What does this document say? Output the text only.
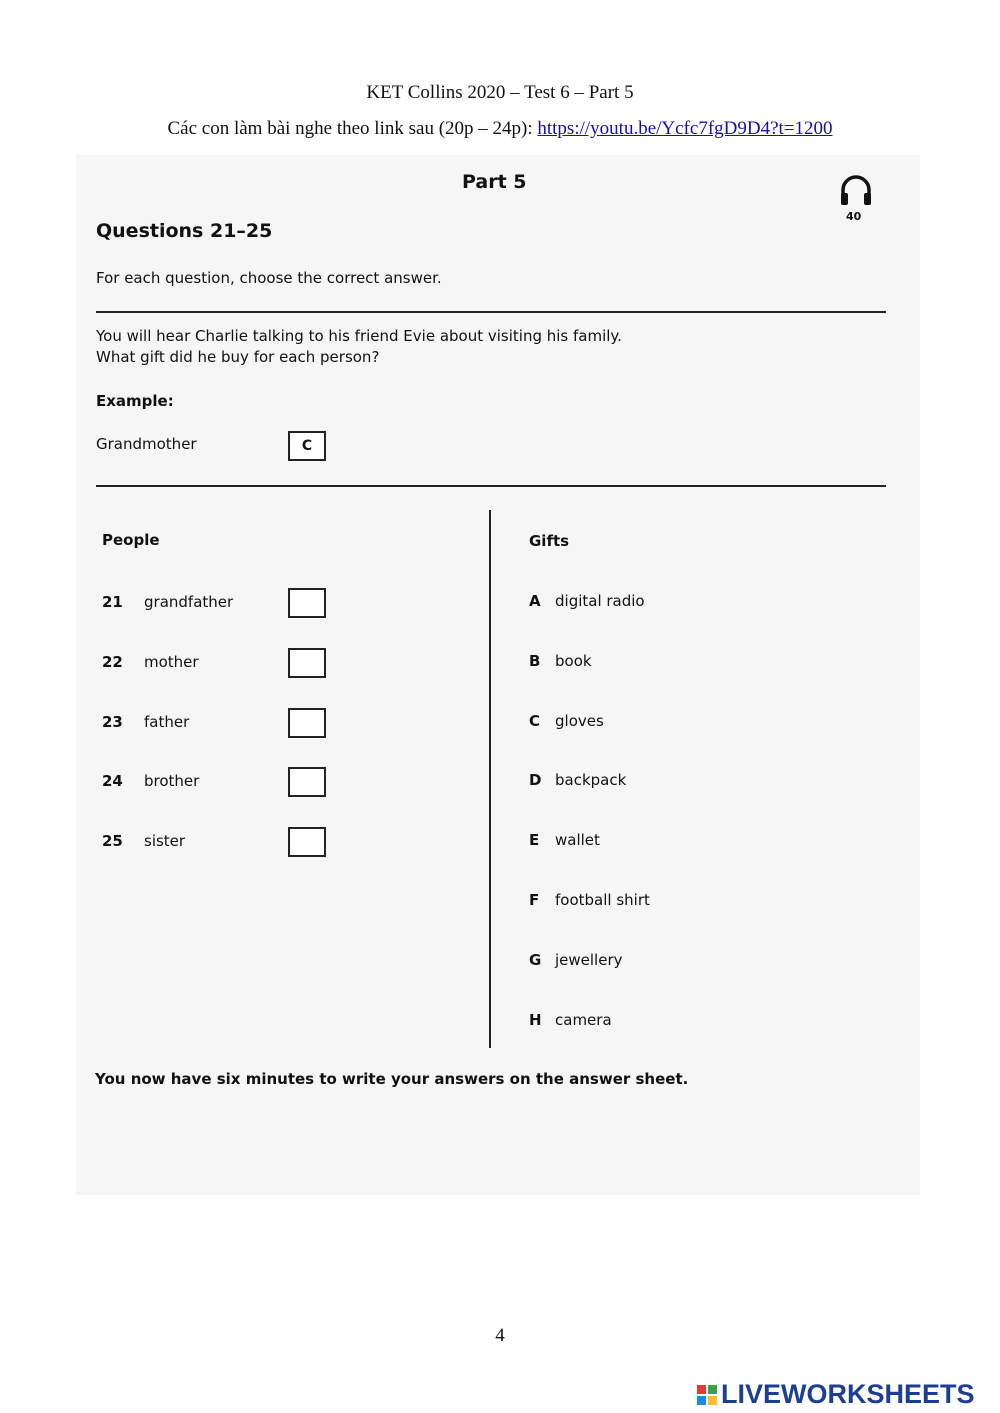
KET Collins 2020 – Test 6 – Part 5
Các con làm bài nghe theo link sau (20p – 24p): https://youtu.be/Ycfc7fgD9D4?t=1200
Part 5
40
Questions 21–25
For each question, choose the correct answer.
You will hear Charlie talking to his friend Evie about visiting his family.
What gift did he buy for each person?
Example:
Grandmother	C
People	Gifts
21 grandfather
22 mother
23 father
24 brother
25 sister
A digital radio
B book
C gloves
D backpack
E wallet
F football shirt
G jewellery
H camera
You now have six minutes to write your answers on the answer sheet.
4
LIVEWORKSHEETS
